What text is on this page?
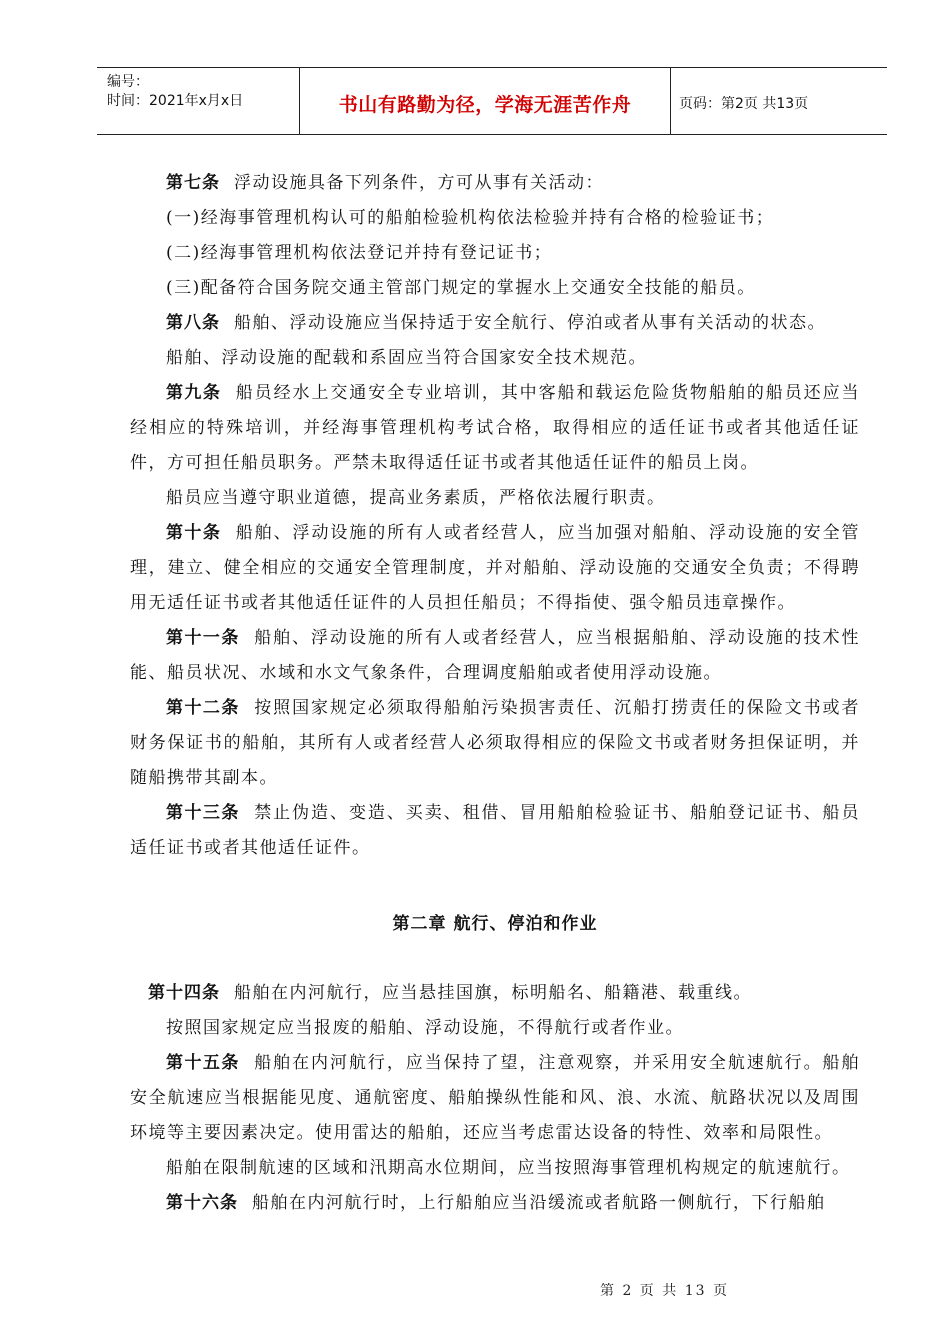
编号：
时间：2021年x月x日	书山有路勤为径，学海无涯苦作舟	页码：第2页 共13页

第七条 浮动设施具备下列条件，方可从事有关活动：

(一)经海事管理机构认可的船舶检验机构依法检验并持有合格的检验证书；

(二)经海事管理机构依法登记并持有登记证书；

(三)配备符合国务院交通主管部门规定的掌握水上交通安全技能的船员。

第八条 船舶、浮动设施应当保持适于安全航行、停泊或者从事有关活动的状态。

船舶、浮动设施的配载和系固应当符合国家安全技术规范。

第九条 船员经水上交通安全专业培训，其中客船和载运危险货物船舶的船员还应当经相应的特殊培训，并经海事管理机构考试合格，取得相应的适任证书或者其他适任证件，方可担任船员职务。严禁未取得适任证书或者其他适任证件的船员上岗。

船员应当遵守职业道德，提高业务素质，严格依法履行职责。

第十条 船舶、浮动设施的所有人或者经营人，应当加强对船舶、浮动设施的安全管理，建立、健全相应的交通安全管理制度，并对船舶、浮动设施的交通安全负责；不得聘用无适任证书或者其他适任证件的人员担任船员；不得指使、强令船员违章操作。

第十一条 船舶、浮动设施的所有人或者经营人，应当根据船舶、浮动设施的技术性能、船员状况、水域和水文气象条件，合理调度船舶或者使用浮动设施。

第十二条 按照国家规定必须取得船舶污染损害责任、沉船打捞责任的保险文书或者财务保证书的船舶，其所有人或者经营人必须取得相应的保险文书或者财务担保证明，并随船携带其副本。

第十三条 禁止伪造、变造、买卖、租借、冒用船舶检验证书、船舶登记证书、船员适任证书或者其他适任证件。

第二章 航行、停泊和作业

第十四条 船舶在内河航行，应当悬挂国旗，标明船名、船籍港、载重线。

按照国家规定应当报废的船舶、浮动设施，不得航行或者作业。

第十五条 船舶在内河航行，应当保持了望，注意观察，并采用安全航速航行。船舶安全航速应当根据能见度、通航密度、船舶操纵性能和风、浪、水流、航路状况以及周围环境等主要因素决定。使用雷达的船舶，还应当考虑雷达设备的特性、效率和局限性。

船舶在限制航速的区域和汛期高水位期间，应当按照海事管理机构规定的航速航行。

第十六条 船舶在内河航行时，上行船舶应当沿缓流或者航路一侧航行，下行船舶

第 2 页 共 13 页
